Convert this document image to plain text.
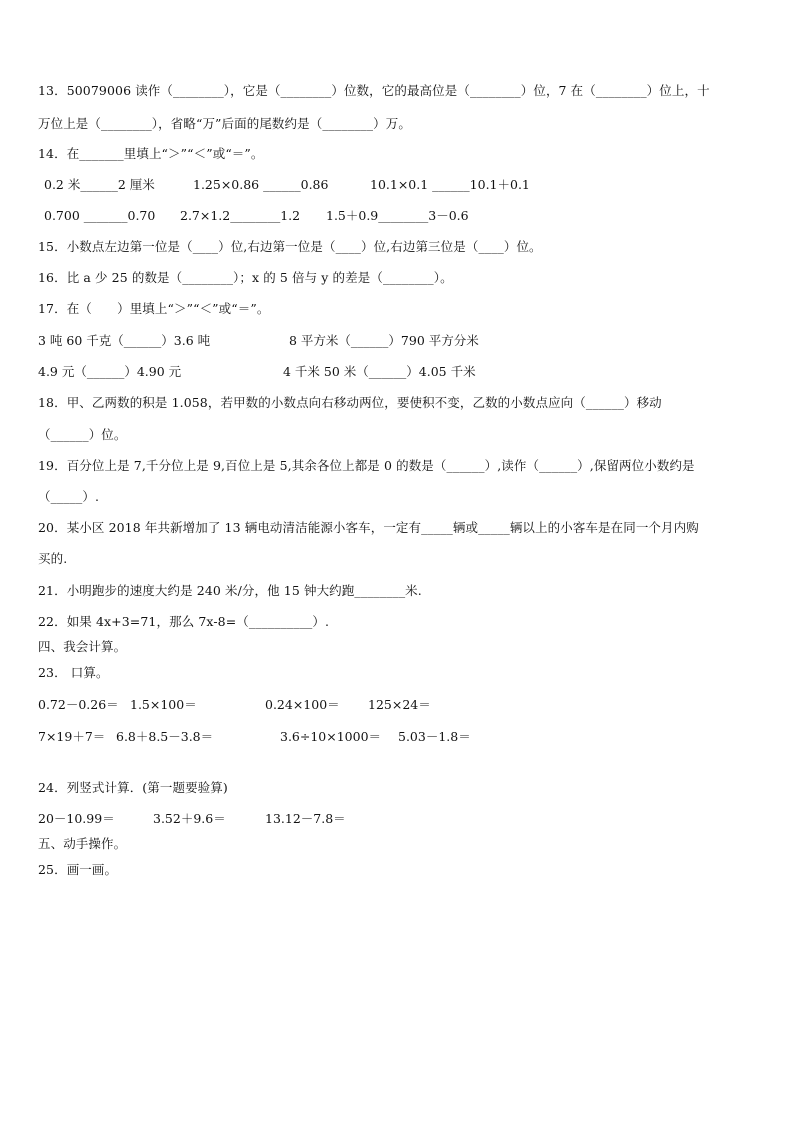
13．50079006 读作（________），它是（________）位数，它的最高位是（________）位，7 在（________）位上，十
万位上是（________），省略“万”后面的尾数约是（________）万。
14．在_______里填上“＞”“＜”或“＝”。
0.2 米______2 厘米	1.25×0.86 ______0.86	10.1×0.1 ______10.1＋0.1
0.700 _______0.70 2.7×1.2________1.2 1.5＋0.9________3－0.6
15．小数点左边第一位是（____）位,右边第一位是（____）位,右边第三位是（____）位。
16．比 a 少 25 的数是（________）；x 的 5 倍与 y 的差是（________）。
17．在（　　）里填上“＞”“＜”或“＝”。
3 吨 60 千克（______）3.6 吨	8 平方米（______）790 平方分米
4.9 元（______）4.90 元	4 千米 50 米（______）4.05 千米
18．甲、乙两数的积是 1.058，若甲数的小数点向右移动两位，要使积不变，乙数的小数点应向（______）移动
（______）位。
19．百分位上是 7,千分位上是 9,百位上是 5,其余各位上都是 0 的数是（______）,读作（______）,保留两位小数约是
（_____）.
20．某小区 2018 年共新增加了 13 辆电动清洁能源小客车，一定有_____辆或_____辆以上的小客车是在同一个月内购
买的.
21．小明跑步的速度大约是 240 米/分，他 15 钟大约跑________米.
22．如果 4x+3=71，那么 7x-8=（__________）.
四、我会计算。
23． 口算。
0.72－0.26＝ 1.5×100＝	0.24×100＝ 125×24＝
7×19＋7＝ 6.8＋8.5－3.8＝	3.6÷10×1000＝ 5.03－1.8＝
24．列竖式计算．(第一题要验算)
20－10.99＝	3.52＋9.6＝	13.12－7.8＝
五、动手操作。
25．画一画。
